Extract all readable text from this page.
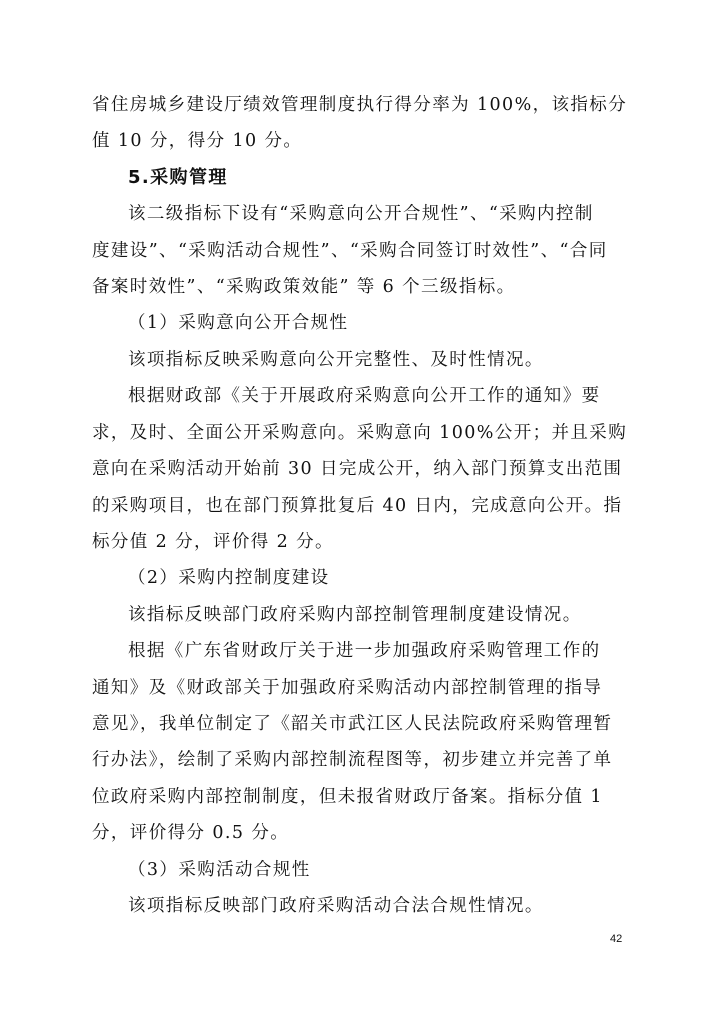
省住房城乡建设厅绩效管理制度执行得分率为 100%，该指标分
值 10 分，得分 10 分。
5.采购管理
该二级指标下设有“采购意向公开合规性”、“采购内控制
度建设”、“采购活动合规性”、“采购合同签订时效性”、“合同
备案时效性”、“采购政策效能” 等 6 个三级指标。
（1）采购意向公开合规性
该项指标反映采购意向公开完整性、及时性情况。
根据财政部《关于开展政府采购意向公开工作的通知》要
求，及时、全面公开采购意向。采购意向 100%公开；并且采购
意向在采购活动开始前 30 日完成公开，纳入部门预算支出范围
的采购项目，也在部门预算批复后 40 日内，完成意向公开。指
标分值 2 分，评价得 2 分。
（2）采购内控制度建设
该指标反映部门政府采购内部控制管理制度建设情况。
根据《广东省财政厅关于进一步加强政府采购管理工作的
通知》及《财政部关于加强政府采购活动内部控制管理的指导
意见》，我单位制定了《韶关市武江区人民法院政府采购管理暂
行办法》，绘制了采购内部控制流程图等，初步建立并完善了单
位政府采购内部控制制度，但未报省财政厅备案。指标分值 1
分，评价得分 0.5 分。
（3）采购活动合规性
该项指标反映部门政府采购活动合法合规性情况。
42
